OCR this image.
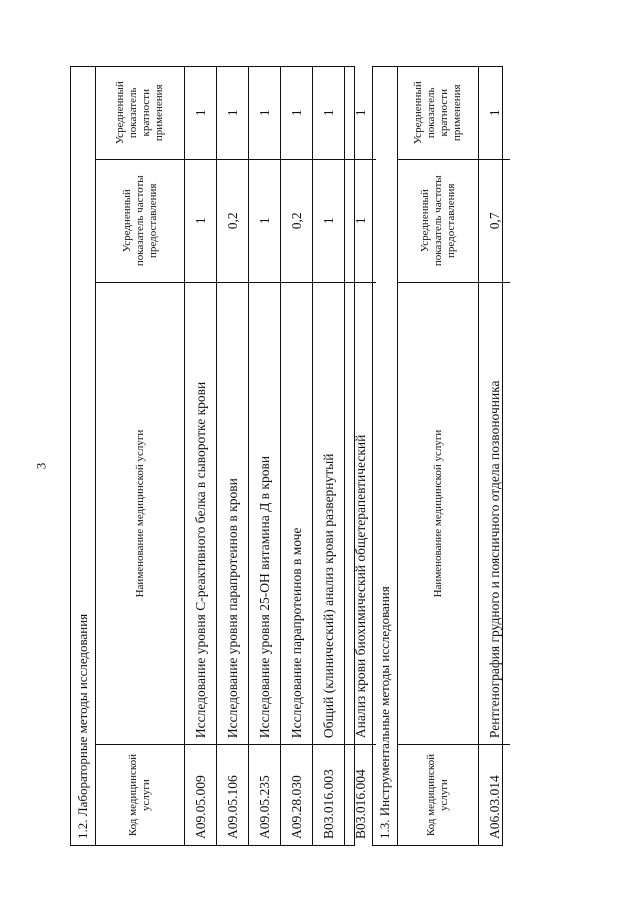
3
1.2. Лабораторные методы исследования	Код медицинской услуги	Наименование медицинской услуги	Усредненный показатель частоты предоставления	Усредненный показатель кратности применения
A09.05.009	Исследование уровня С-реактивного белка в сыворотке крови	1	1
A09.05.106	Исследование уровня парапротеинов в крови	0,2	1
A09.05.235	Исследование уровня 25-ОН витамина Д в крови	1	1
A09.28.030	Исследование парапротеинов в моче	0,2	1
B03.016.003	Общий (клинический) анализ крови развернутый	1	1
B03.016.004	Анализ крови биохимический общетерапевтический	1	1
1.3. Инструментальные методы исследования	Код медицинской услуги	Наименование медицинской услуги	Усредненный показатель частоты предоставления	Усредненный показатель кратности применения
A06.03.014	Рентгенография грудного и поясничного отдела позвоночника	0,7	1
